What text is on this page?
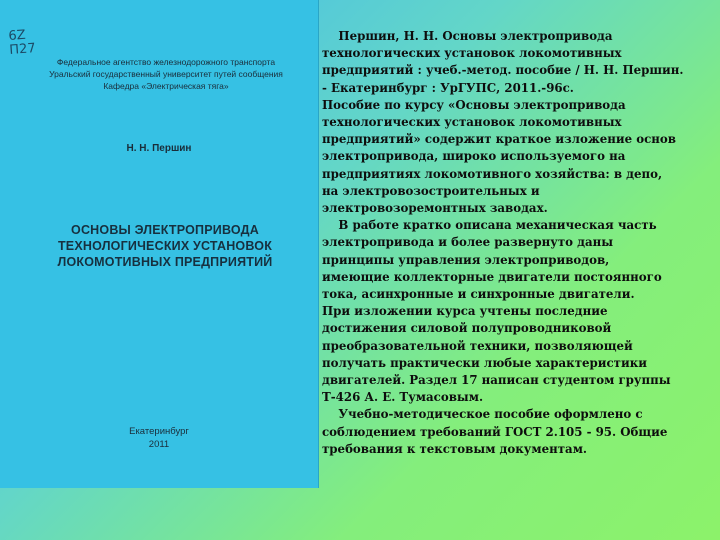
6Z
П27
Федеральное агентство железнодорожного транспорта
Уральский государственный университет путей сообщения
Кафедра «Электрическая тяга»
Н. Н. Першин
ОСНОВЫ ЭЛЕКТРОПРИВОДА
ТЕХНОЛОГИЧЕСКИХ УСТАНОВОК
ЛОКОМОТИВНЫХ ПРЕДПРИЯТИЙ
Екатеринбург
2011
Першин, Н. Н. Основы электропривода
технологических установок локомотивных
предприятий : учеб.-метод. пособие / Н. Н. Першин.
- Екатеринбург : УрГУПС, 2011.-96с.
Пособие по курсу «Основы электропривода
технологических установок локомотивных
предприятий» содержит краткое изложение основ
электропривода, широко используемого на
предприятиях локомотивного хозяйства: в депо,
на электровозостроительных и
электровозоремонтных заводах.
В работе кратко описана механическая часть
электропривода и более развернуто даны
принципы управления электроприводов,
имеющие коллекторные двигатели постоянного
тока, асинхронные и синхронные двигатели.
При изложении курса учтены последние
достижения силовой полупроводниковой
преобразовательной техники, позволяющей
получать практически любые характеристики
двигателей. Раздел 17 написан студентом группы
Т-426 А. Е. Тумасовым.
Учебно-методическое пособие оформлено с
соблюдением требований ГОСТ 2.105 - 95. Общие
требования к текстовым документам.
